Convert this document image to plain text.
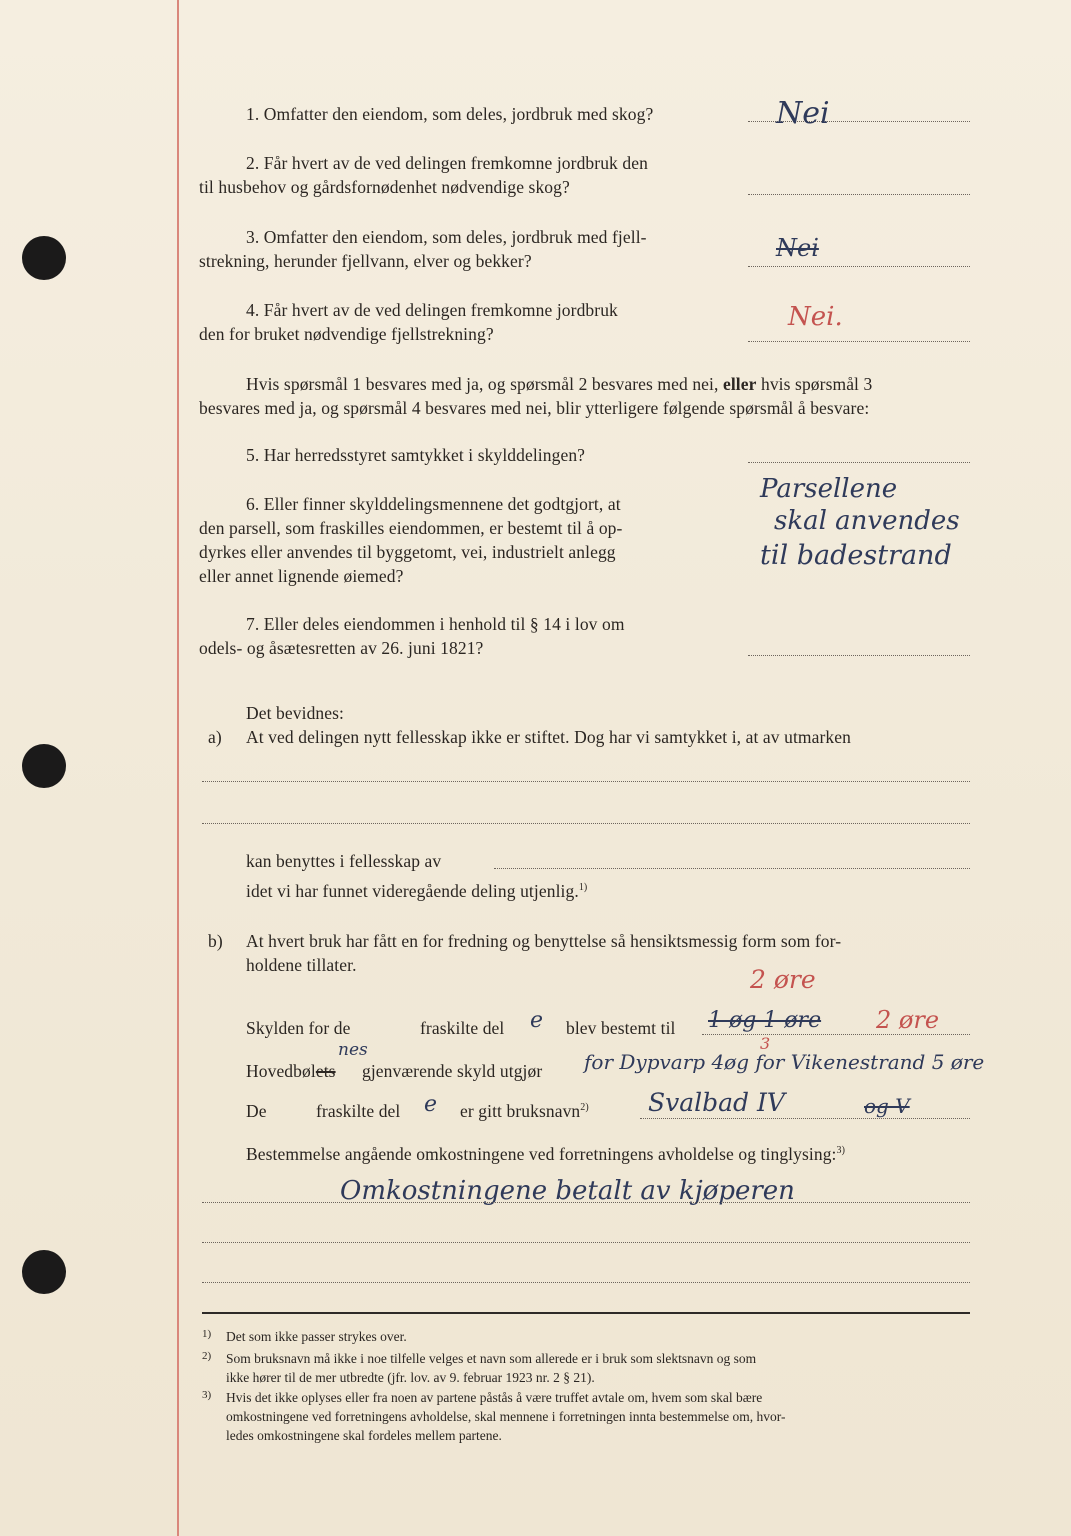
1. Omfatter den eiendom, som deles, jordbruk med skog?	Nei
2. Får hvert av de ved delingen fremkomne jordbruk den
til husbehov og gårdsfornødenhet nødvendige skog?
3. Omfatter den eiendom, som deles, jordbruk med fjell-
strekning, herunder fjellvann, elver og bekker?	Nei
4. Får hvert av de ved delingen fremkomne jordbruk
den for bruket nødvendige fjellstrekning?
Nei.
Hvis spørsmål 1 besvares med ja, og spørsmål 2 besvares med nei, eller hvis spørsmål 3
besvares med ja, og spørsmål 4 besvares med nei, blir ytterligere følgende spørsmål å besvare:
5. Har herredsstyret samtykket i skylddelingen?
6. Eller finner skylddelingsmennene det godtgjort, at
den parsell, som fraskilles eiendommen, er bestemt til å op-
dyrkes eller anvendes til byggetomt, vei, industrielt anlegg
eller annet lignende øiemed?
Parsellene
skal anvendes
til badestrand
7. Eller deles eiendommen i henhold til § 14 i lov om
odels- og åsætesretten av 26. juni 1821?
Det bevidnes:
a) At ved delingen nytt fellesskap ikke er stiftet. Dog har vi samtykket i, at av utmarken
kan benyttes i fellesskap av
idet vi har funnet videregående deling utjenlig.$^{1)}$
b) At hvert bruk har fått en for fredning og benyttelse så hensiktsmessig form som for-
holdene tillater.	2 øre
Skylden for de	fraskilte del e blev bestemt til 1 øg 1 øre 2 øre
nes
Hovedbølets gjenværende skyld utgjør
3
for Dypvarp 4øg for Vikenestrand 5 øre
De	fraskilte del e er gitt bruksnavn$^{2)}$ Svalbad IV	og V
Bestemmelse angående omkostningene ved forretningens avholdelse og tinglysing:$^{3)}$
Omkostningene betalt av kjøperen
1) Det som ikke passer strykes over.
2) Som bruksnavn må ikke i noe tilfelle velges et navn som allerede er i bruk som slektsnavn og som
ikke hører til de mer utbredte (jfr. lov. av 9. februar 1923 nr. 2 § 21).
3) Hvis det ikke oplyses eller fra noen av partene påstås å være truffet avtale om, hvem som skal bære
omkostningene ved forretningens avholdelse, skal mennene i forretningen innta bestemmelse om, hvor-
ledes omkostningene skal fordeles mellem partene.
